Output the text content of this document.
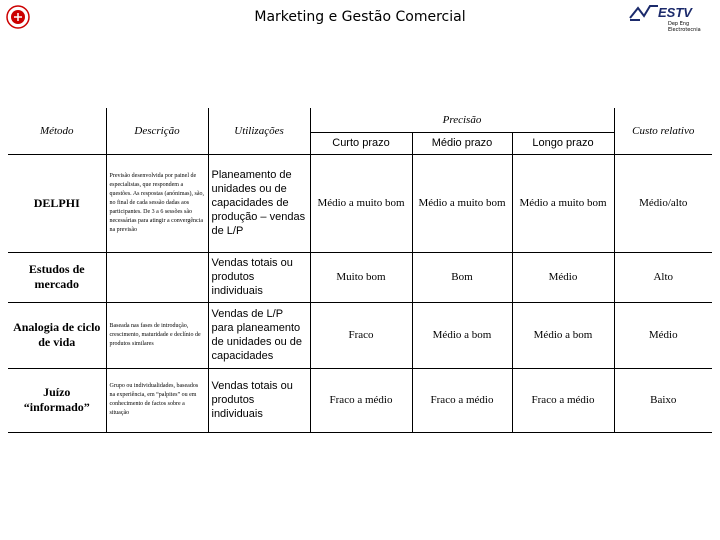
Marketing e Gestão Comercial	ESTV
Dep Eng
Electrotecnia
Método	Descrição	Utilizações	Precisão			Custo relativo
			Curto prazo	Médio prazo	Longo prazo	
DELPHI	Previsão desenvolvida por painel de especialistas, que respondem a questões. As respostas (anónimas), são, no final de cada sessão dadas aos participantes. De 3 a 6 sessões são necessárias para atingir a convergência na previsão	Planeamento de unidades ou de capacidades de produção – vendas de L/P	Médio a muito bom	Médio a muito bom	Médio a muito bom	Médio/alto
Estudos de mercado		Vendas totais ou produtos individuais	Muito bom	Bom	Médio	Alto
Analogia de ciclo de vida	Baseada nas fases de introdução, crescimento, maturidade e declínio de produtos similares	Vendas de L/P para planeamento de unidades ou de capacidades	Fraco	Médio a bom	Médio a bom	Médio
Juízo “informado”	Grupo ou individualidades, baseados na experiência, em “palpites” ou em conhecimento de factos sobre a situação	Vendas totais ou produtos individuais	Fraco a médio	Fraco a médio	Fraco a médio	Baixo
